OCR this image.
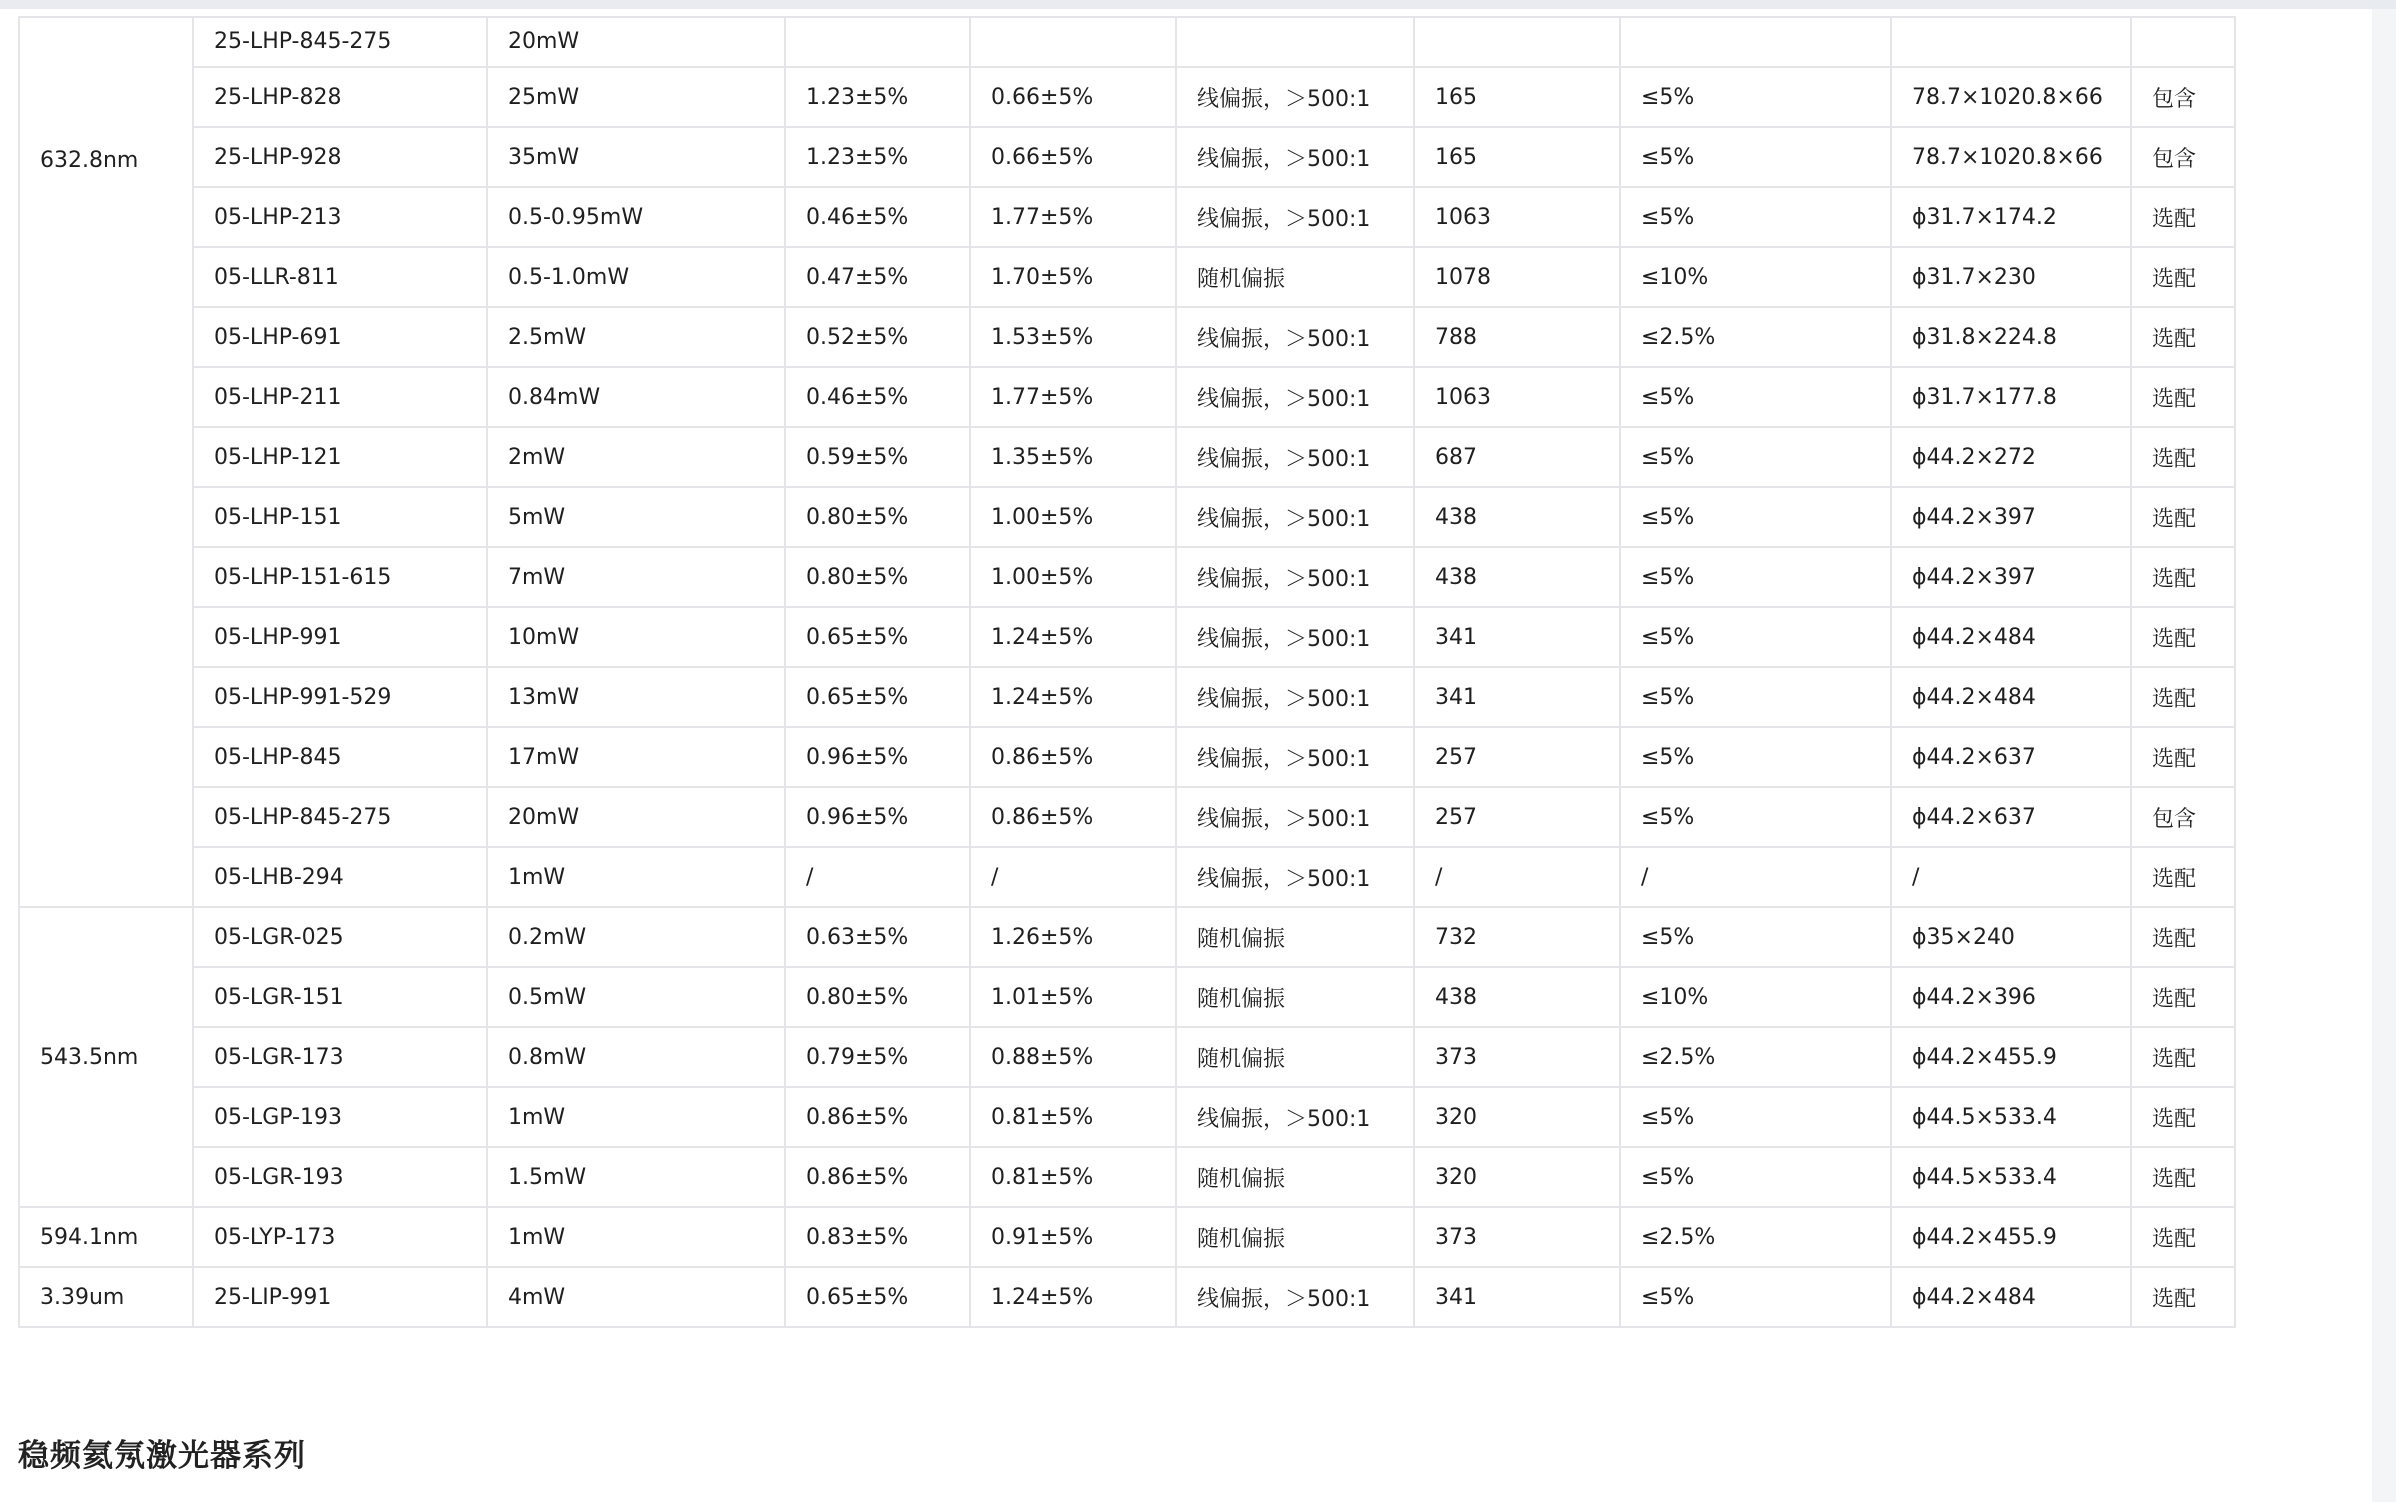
632.8nm	25-LHP-845-275	20mW							
	25-LHP-828	25mW	1.23±5%	0.66±5%	线偏振，＞500:1	165	≤5%	78.7×1020.8×66	包含
	25-LHP-928	35mW	1.23±5%	0.66±5%	线偏振，＞500:1	165	≤5%	78.7×1020.8×66	包含
	05-LHP-213	0.5-0.95mW	0.46±5%	1.77±5%	线偏振，＞500:1	1063	≤5%	ϕ31.7×174.2	选配
	05-LLR-811	0.5-1.0mW	0.47±5%	1.70±5%	随机偏振	1078	≤10%	ϕ31.7×230	选配
	05-LHP-691	2.5mW	0.52±5%	1.53±5%	线偏振，＞500:1	788	≤2.5%	ϕ31.8×224.8	选配
	05-LHP-211	0.84mW	0.46±5%	1.77±5%	线偏振，＞500:1	1063	≤5%	ϕ31.7×177.8	选配
	05-LHP-121	2mW	0.59±5%	1.35±5%	线偏振，＞500:1	687	≤5%	ϕ44.2×272	选配
	05-LHP-151	5mW	0.80±5%	1.00±5%	线偏振，＞500:1	438	≤5%	ϕ44.2×397	选配
	05-LHP-151-615	7mW	0.80±5%	1.00±5%	线偏振，＞500:1	438	≤5%	ϕ44.2×397	选配
	05-LHP-991	10mW	0.65±5%	1.24±5%	线偏振，＞500:1	341	≤5%	ϕ44.2×484	选配
	05-LHP-991-529	13mW	0.65±5%	1.24±5%	线偏振，＞500:1	341	≤5%	ϕ44.2×484	选配
	05-LHP-845	17mW	0.96±5%	0.86±5%	线偏振，＞500:1	257	≤5%	ϕ44.2×637	选配
	05-LHP-845-275	20mW	0.96±5%	0.86±5%	线偏振，＞500:1	257	≤5%	ϕ44.2×637	包含
	05-LHB-294	1mW	/	/	线偏振，＞500:1	/	/	/	选配
543.5nm	05-LGR-025	0.2mW	0.63±5%	1.26±5%	随机偏振	732	≤5%	ϕ35×240	选配
	05-LGR-151	0.5mW	0.80±5%	1.01±5%	随机偏振	438	≤10%	ϕ44.2×396	选配
	05-LGR-173	0.8mW	0.79±5%	0.88±5%	随机偏振	373	≤2.5%	ϕ44.2×455.9	选配
	05-LGP-193	1mW	0.86±5%	0.81±5%	线偏振，＞500:1	320	≤5%	ϕ44.5×533.4	选配
	05-LGR-193	1.5mW	0.86±5%	0.81±5%	随机偏振	320	≤5%	ϕ44.5×533.4	选配
594.1nm	05-LYP-173	1mW	0.83±5%	0.91±5%	随机偏振	373	≤2.5%	ϕ44.2×455.9	选配
3.39um	25-LIP-991	4mW	0.65±5%	1.24±5%	线偏振，＞500:1	341	≤5%	ϕ44.2×484	选配
稳频氦氖激光器系列
